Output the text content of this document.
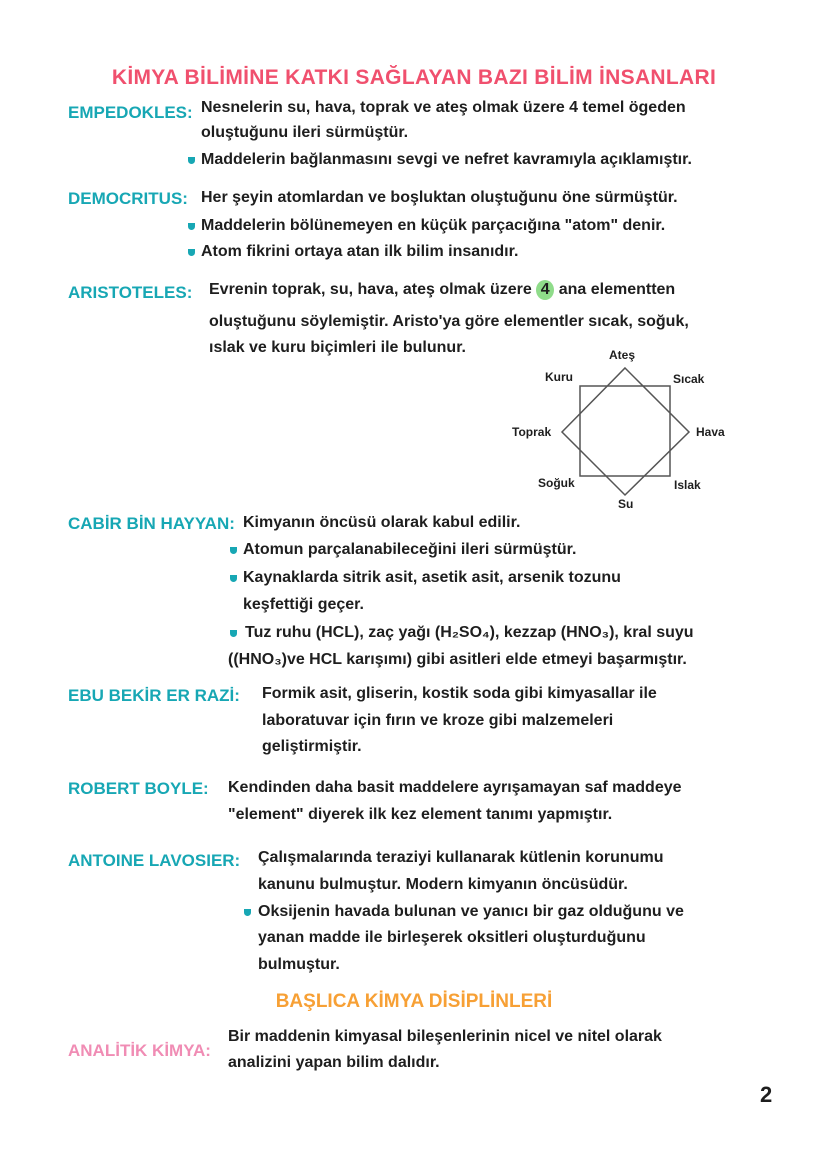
KİMYA BİLİMİNE KATKI SAĞLAYAN BAZI BİLİM İNSANLARI
EMPEDOKLES: Nesnelerin su, hava, toprak ve ateş olmak üzere 4 temel ögeden
oluştuğunu ileri sürmüştür.
Maddelerin bağlanmasını sevgi ve nefret kavramıyla açıklamıştır.
DEMOCRITUS: Her şeyin atomlardan ve boşluktan oluştuğunu öne sürmüştür.
Maddelerin bölünemeyen en küçük parçacığına "atom" denir.
Atom fikrini ortaya atan ilk bilim insanıdır.
ARISTOTELES: Evrenin toprak, su, hava, ateş olmak üzere 4 ana elementten
oluştuğunu söylemiştir. Aristo'ya göre elementler sıcak, soğuk,
ıslak ve kuru biçimleri ile bulunur.	Ateş
Kuru	Sıcak
Toprak	Hava
Soğuk	Islak
Su
CABİR BİN HAYYAN: Kimyanın öncüsü olarak kabul edilir.
Atomun parçalanabileceğini ileri sürmüştür.
Kaynaklarda sitrik asit, asetik asit, arsenik tozunu
keşfettiği geçer.
Tuz ruhu (HCL), zaç yağı (H₂SO₄), kezzap (HNO₃), kral suyu
((HNO₃)ve HCL karışımı) gibi asitleri elde etmeyi başarmıştır.
EBU BEKİR ER RAZİ: Formik asit, gliserin, kostik soda gibi kimyasallar ile
laboratuvar için fırın ve kroze gibi malzemeleri
geliştirmiştir.
ROBERT BOYLE: Kendinden daha basit maddelere ayrışamayan saf maddeye
"element" diyerek ilk kez element tanımı yapmıştır.
ANTOINE LAVOSIER: Çalışmalarında teraziyi kullanarak kütlenin korunumu
kanunu bulmuştur. Modern kimyanın öncüsüdür.
Oksijenin havada bulunan ve yanıcı bir gaz olduğunu ve
yanan madde ile birleşerek oksitleri oluşturduğunu
bulmuştur.
BAŞLICA KİMYA DİSİPLİNLERİ
ANALİTİK KİMYA:
Bir maddenin kimyasal bileşenlerinin nicel ve nitel olarak
analizini yapan bilim dalıdır.
2
